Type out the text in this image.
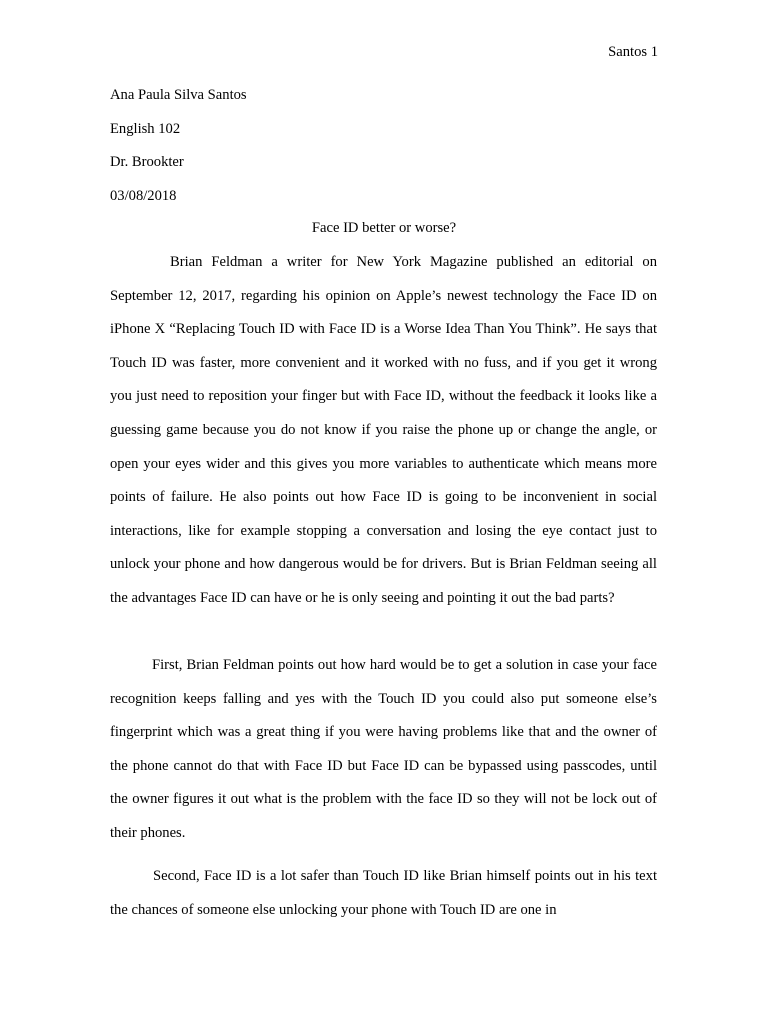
Santos 1
Ana Paula Silva Santos
English 102
Dr. Brookter
03/08/2018
Face ID better or worse?

Brian Feldman a writer for New York Magazine published an editorial on September 12, 2017, regarding his opinion on Apple’s newest technology the Face ID on iPhone X “Replacing Touch ID with Face ID is a Worse Idea Than You Think”. He says that Touch ID was faster, more convenient and it worked with no fuss, and if you get it wrong you just need to reposition your finger but with Face ID, without the feedback it looks like a guessing game because you do not know if you raise the phone up or change the angle, or open your eyes wider and this gives you more variables to authenticate which means more points of failure. He also points out how Face ID is going to be inconvenient in social interactions, like for example stopping a conversation and losing the eye contact just to unlock your phone and how dangerous would be for drivers. But is Brian Feldman seeing all the advantages Face ID can have or he is only seeing and pointing it out the bad parts?

First, Brian Feldman points out how hard would be to get a solution in case your face recognition keeps falling and yes with the Touch ID you could also put someone else’s fingerprint which was a great thing if you were having problems like that and the owner of the phone cannot do that with Face ID but Face ID can be bypassed using passcodes, until the owner figures it out what is the problem with the face ID so they will not be lock out of their phones.

Second, Face ID is a lot safer than Touch ID like Brian himself points out in his text the chances of someone else unlocking your phone with Touch ID are one in
